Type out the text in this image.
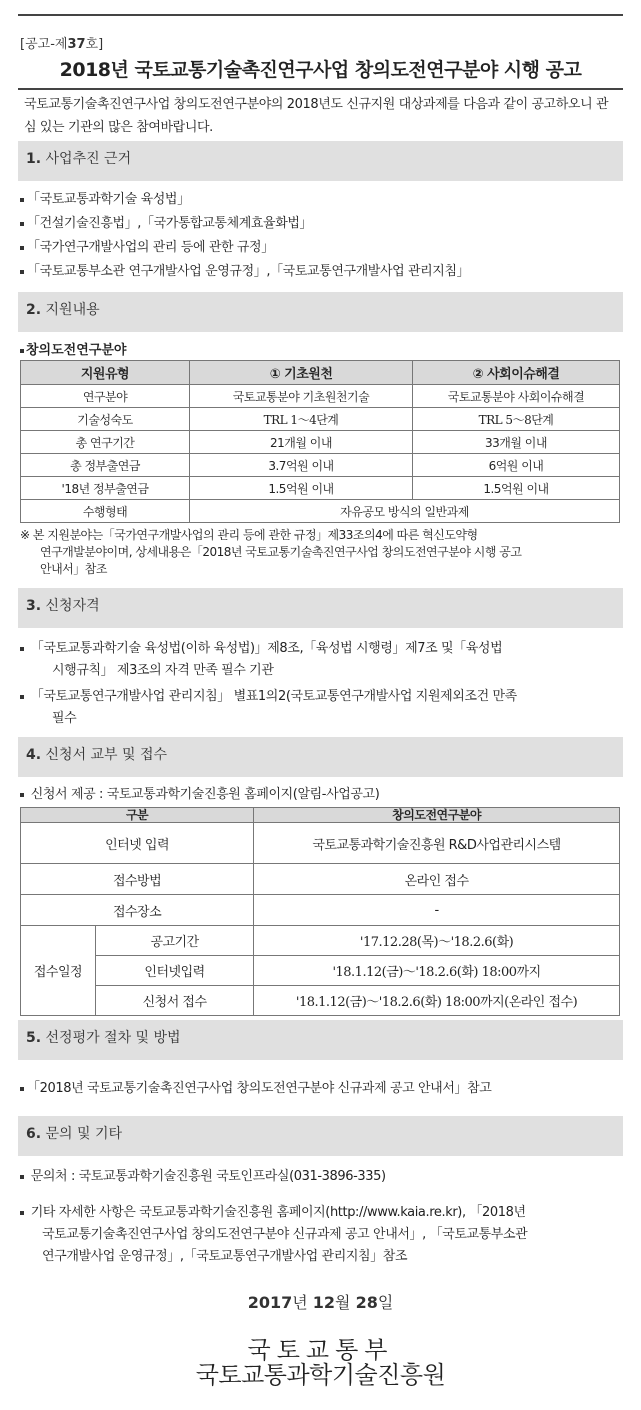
[공고-제37호]
2018년 국토교통기술촉진연구사업 창의도전연구분야 시행 공고
국토교통기술촉진연구사업 창의도전연구분야의 2018년도 신규지원 대상과제를 다음과 같이 공고하오니 관심 있는 기관의 많은 참여바랍니다.
1. 사업추진 근거
「국토교통과학기술 육성법」
「건설기술진흥법」,「국가통합교통체계효율화법」
「국가연구개발사업의 관리 등에 관한 규정」
「국토교통부소관 연구개발사업 운영규정」,「국토교통연구개발사업 관리지침」
2. 지원내용
창의도전연구분야
지원유형	① 기초원천	② 사회이슈해결
연구분야	국토교통분야 기초원천기술	국토교통분야 사회이슈해결
기술성숙도	TRL 1～4단계	TRL 5～8단계
총 연구기간	21개월 이내	33개월 이내
총 정부출연금	3.7억원 이내	6억원 이내
'18년 정부출연금	1.5억원 이내	1.5억원 이내
수행형태	자유공모 방식의 일반과제	
※ 본 지원분야는「국가연구개발사업의 관리 등에 관한 규정」제33조의4에 따른 혁신도약형
연구개발분야이며, 상세내용은「2018년 국토교통기술촉진연구사업 창의도전연구분야 시행 공고
안내서」참조
3. 신청자격
「국토교통과학기술 육성법(이하 육성법)」제8조,「육성법 시행령」제7조 및「육성법
시행규칙」 제3조의 자격 만족 필수 기관
「국토교통연구개발사업 관리지침」 별표1의2(국토교통연구개발사업 지원제외조건 만족
필수
4. 신청서 교부 및 접수
신청서 제공 : 국토교통과학기술진흥원 홈페이지(알림-사업공고)
구분		창의도전연구분야
인터넷 입력		국토교통과학기술진흥원 R&D사업관리시스템
접수방법		온라인 접수
접수장소		-
접수일정	공고기간	'17.12.28(목)～'18.2.6(화)
	인터넷입력	'18.1.12(금)～'18.2.6(화) 18:00까지
	신청서 접수	'18.1.12(금)～'18.2.6(화) 18:00까지(온라인 접수)
5. 선정평가 절차 및 방법
「2018년 국토교통기술촉진연구사업 창의도전연구분야 신규과제 공고 안내서」참고
6. 문의 및 기타
문의처 : 국토교통과학기술진흥원 국토인프라실(031-3896-335)
기타 자세한 사항은 국토교통과학기술진흥원 홈페이지(http://www.kaia.re.kr), 「2018년
국토교통기술촉진연구사업 창의도전연구분야 신규과제 공고 안내서」, 「국토교통부소관
연구개발사업 운영규정」,「국토교통연구개발사업 관리지침」참조
2017년 12월 28일
국토교통부
국토교통과학기술진흥원
